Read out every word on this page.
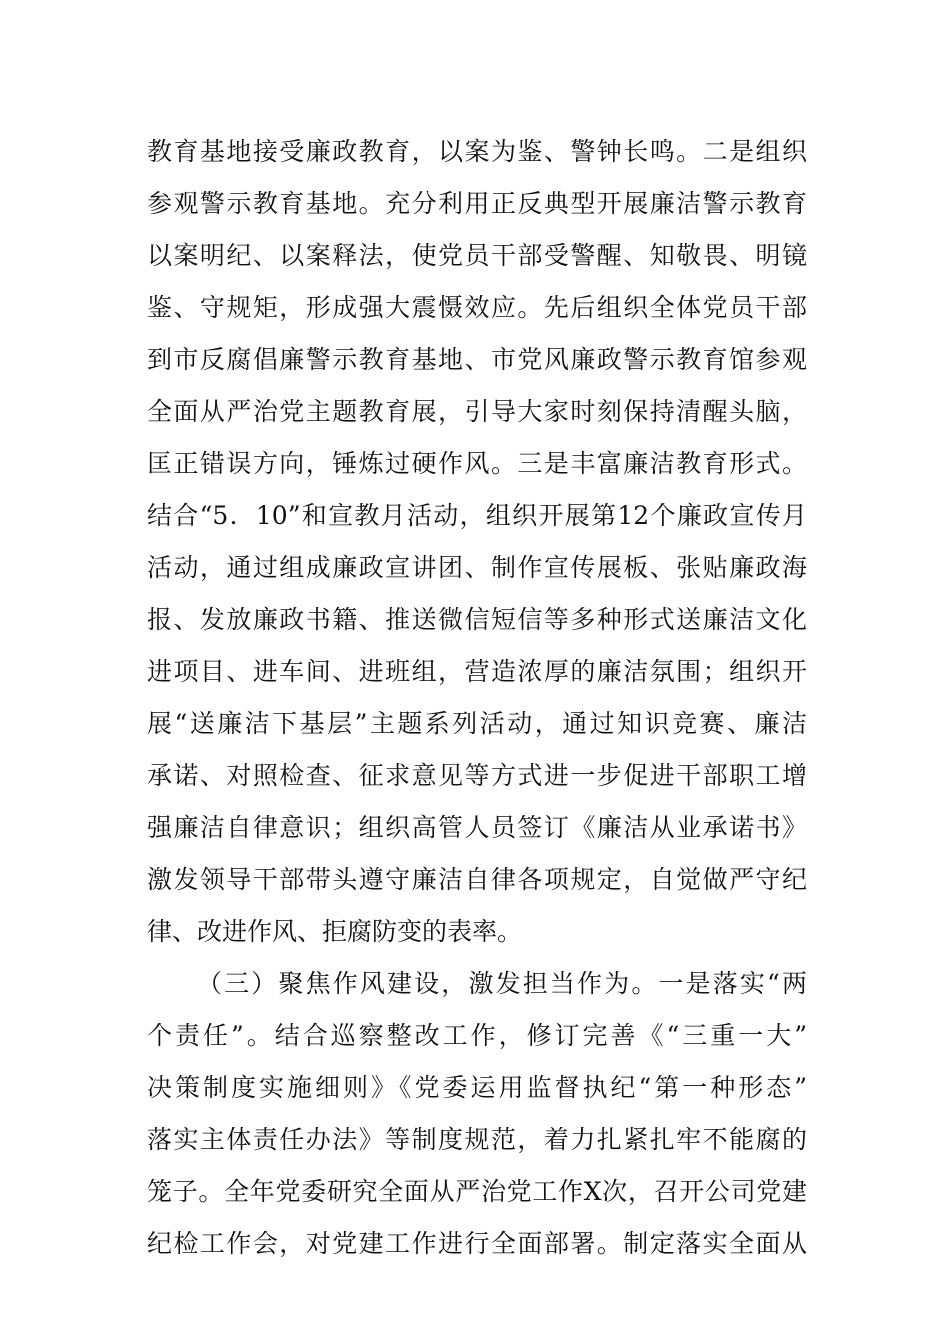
教育基地接受廉政教育，以案为鉴、警钟长鸣。二是组织
参观警示教育基地。充分利用正反典型开展廉洁警示教育
以案明纪、以案释法，使党员干部受警醒、知敬畏、明镜
鉴、守规矩，形成强大震慑效应。先后组织全体党员干部
到市反腐倡廉警示教育基地、市党风廉政警示教育馆参观
全面从严治党主题教育展，引导大家时刻保持清醒头脑，
匡正错误方向，锤炼过硬作风。三是丰富廉洁教育形式。
结合“5．10”和宣教月活动，组织开展第12个廉政宣传月
活动，通过组成廉政宣讲团、制作宣传展板、张贴廉政海
报、发放廉政书籍、推送微信短信等多种形式送廉洁文化
进项目、进车间、进班组，营造浓厚的廉洁氛围；组织开
展“送廉洁下基层”主题系列活动，通过知识竞赛、廉洁
承诺、对照检查、征求意见等方式进一步促进干部职工增
强廉洁自律意识；组织高管人员签订《廉洁从业承诺书》
激发领导干部带头遵守廉洁自律各项规定，自觉做严守纪
律、改进作风、拒腐防变的表率。
（三）聚焦作风建设，激发担当作为。一是落实“两
个责任”。结合巡察整改工作，修订完善《“三重一大”
决策制度实施细则》《党委运用监督执纪“第一种形态”
落实主体责任办法》等制度规范，着力扎紧扎牢不能腐的
笼子。全年党委研究全面从严治党工作X次，召开公司党建
纪检工作会，对党建工作进行全面部署。制定落实全面从
